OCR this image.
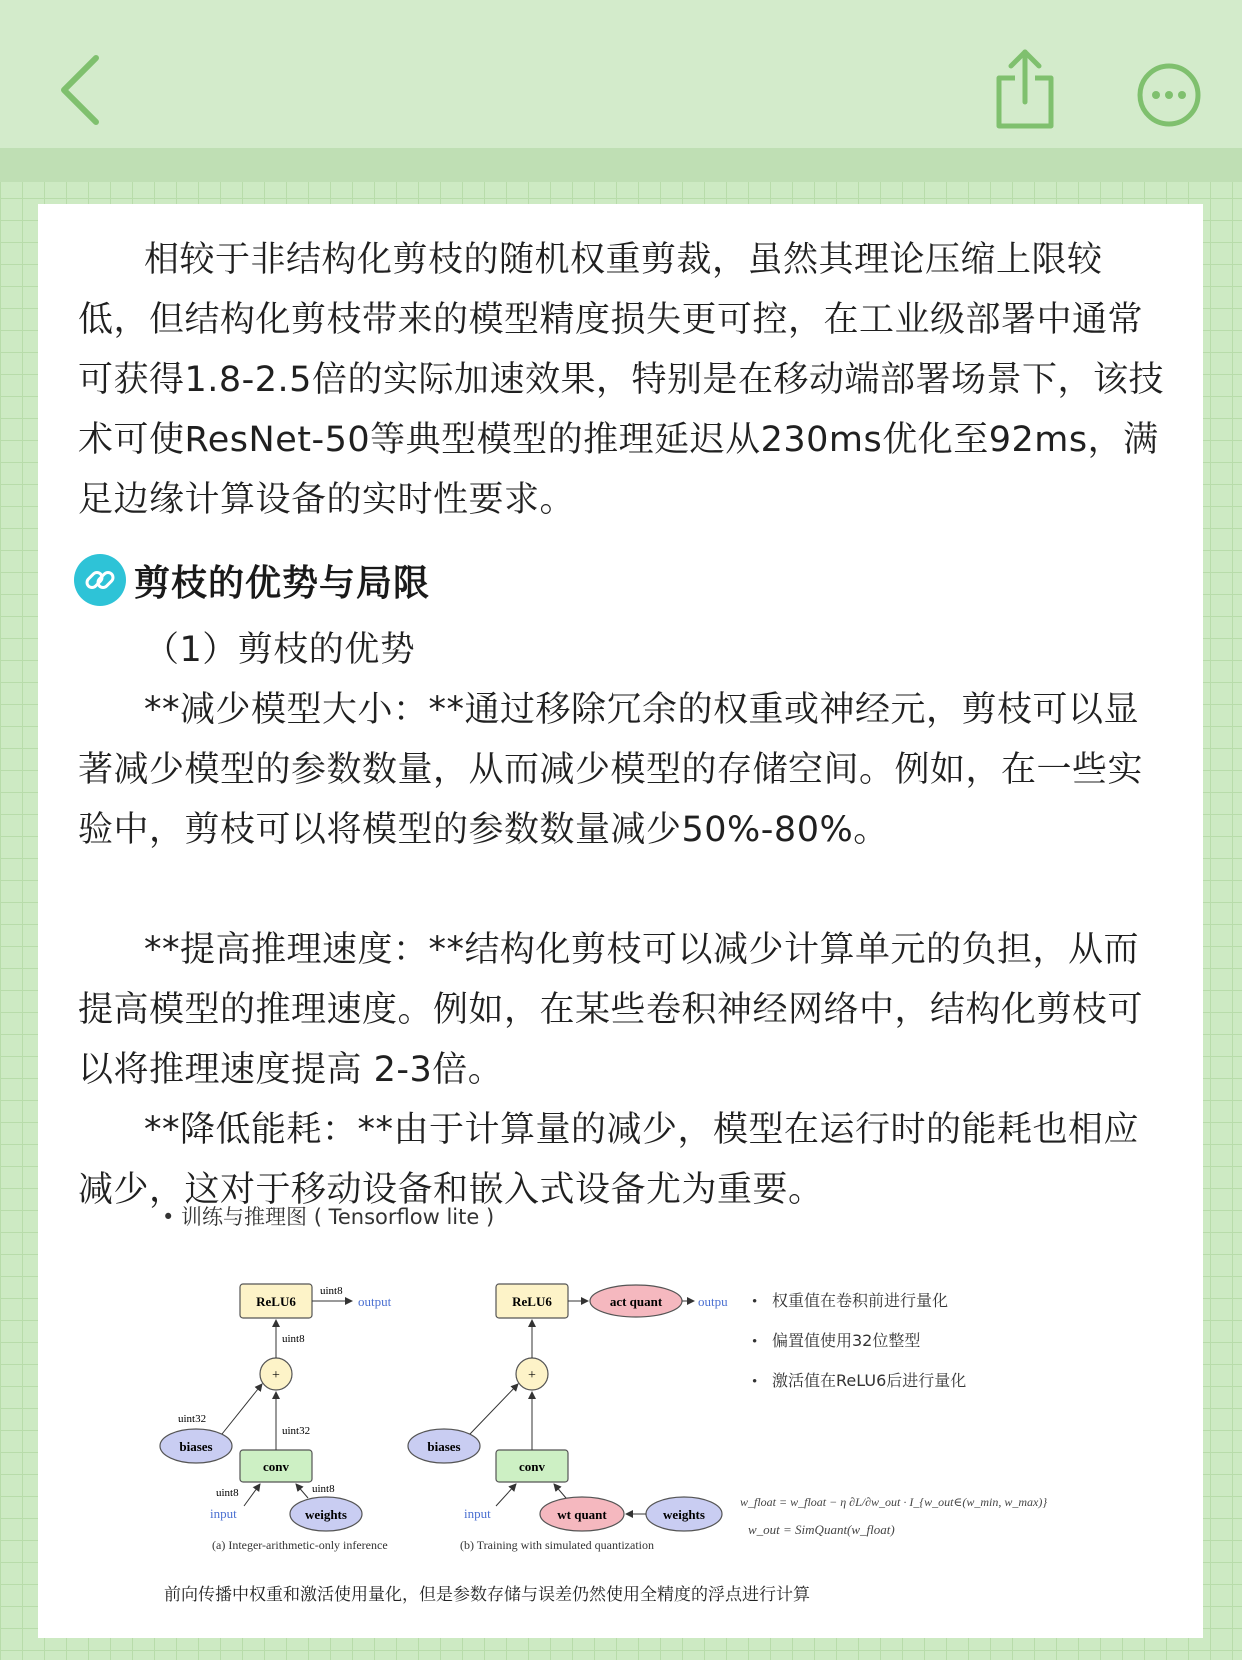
相较于非结构化剪枝的随机权重剪裁，虽然其理论压缩上限较低，但结构化剪枝带来的模型精度损失更可控，在工业级部署中通常可获得1.8-2.5倍的实际加速效果，特别是在移动端部署场景下，该技术可使ResNet-50等典型模型的推理延迟从230ms优化至92ms，满足边缘计算设备的实时性要求。

剪枝的优势与局限

（1）剪枝的优势

**减少模型大小：**通过移除冗余的权重或神经元，剪枝可以显著减少模型的参数数量，从而减少模型的存储空间。例如，在一些实验中，剪枝可以将模型的参数数量减少50%-80%。

**提高推理速度：**结构化剪枝可以减少计算单元的负担，从而提高模型的推理速度。例如，在某些卷积神经网络中，结构化剪枝可以将推理速度提高 2-3倍。

**降低能耗：**由于计算量的减少，模型在运行时的能耗也相应减少，这对于移动设备和嵌入式设备尤为重要。

• 训练与推理图 ( Tensorflow lite )
ReLU6
uint8
output
+
uint8
biases
uint32
conv
uint32
weights
uint8
input
uint8
(a) Integer-arithmetic-only inference
ReLU6	act quant	outpu
+
biases
conv
wt quant	weights
input
(b) Training with simulated quantization
• 权重值在卷积前进行量化
• 偏置值使用32位整型
• 激活值在ReLU6后进行量化
w_float = w_float − η ∂L/∂w_out · I_{w_out∈(w_min, w_max)}
w_out = SimQuant(w_float)
前向传播中权重和激活使用量化，但是参数存储与误差仍然使用全精度的浮点进行计算
